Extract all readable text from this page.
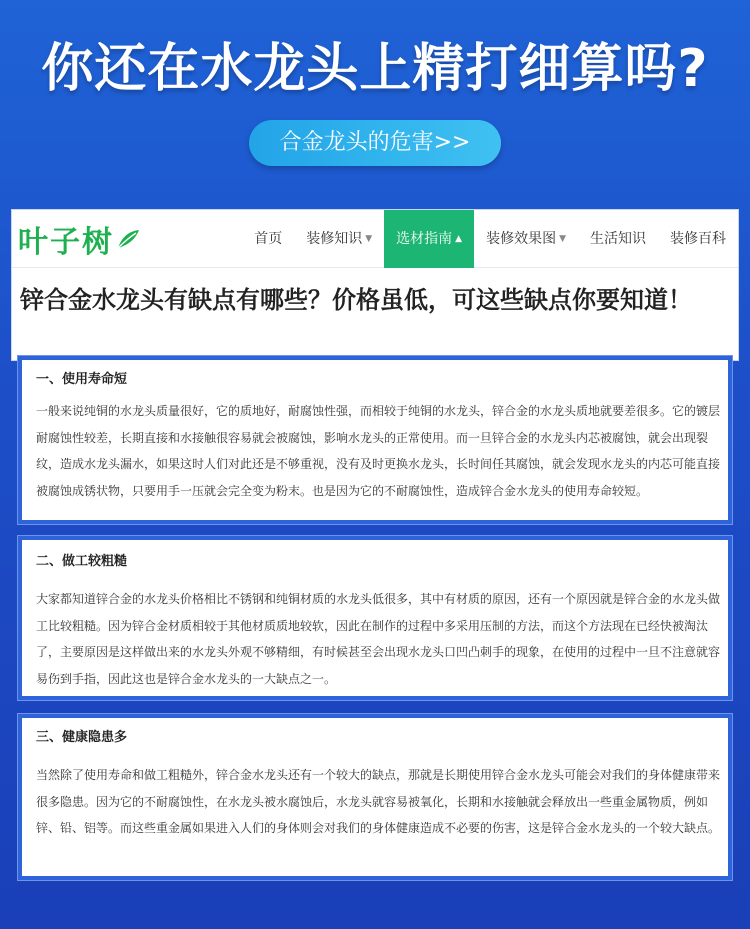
你还在水龙头上精打细算吗?
合金龙头的危害>>
叶子树	首页	装修知识 ▼	选材指南 ▲	装修效果图 ▼	生活知识	装修百科
锌合金水龙头有缺点有哪些？价格虽低，可这些缺点你要知道！
一、使用寿命短
一般来说纯铜的水龙头质量很好，它的质地好，耐腐蚀性强，而相较于纯铜的水龙头，锌合金的水龙头质地就要差很多。它的镀层耐腐蚀性较差，长期直接和水接触很容易就会被腐蚀，影响水龙头的正常使用。而一旦锌合金的水龙头内芯被腐蚀，就会出现裂纹，造成水龙头漏水，如果这时人们对此还是不够重视，没有及时更换水龙头，长时间任其腐蚀，就会发现水龙头的内芯可能直接被腐蚀成锈状物，只要用手一压就会完全变为粉末。也是因为它的不耐腐蚀性，造成锌合金水龙头的使用寿命较短。
二、做工较粗糙
大家都知道锌合金的水龙头价格相比不锈钢和纯铜材质的水龙头低很多，其中有材质的原因，还有一个原因就是锌合金的水龙头做工比较粗糙。因为锌合金材质相较于其他材质质地较软，因此在制作的过程中多采用压制的方法，而这个方法现在已经快被淘汰了，主要原因是这样做出来的水龙头外观不够精细，有时候甚至会出现水龙头口凹凸刺手的现象，在使用的过程中一旦不注意就容易伤到手指，因此这也是锌合金水龙头的一大缺点之一。
三、健康隐患多
当然除了使用寿命和做工粗糙外，锌合金水龙头还有一个较大的缺点，那就是长期使用锌合金水龙头可能会对我们的身体健康带来很多隐患。因为它的不耐腐蚀性，在水龙头被水腐蚀后，水龙头就容易被氧化，长期和水接触就会释放出一些重金属物质，例如锌、铅、铝等。而这些重金属如果进入人们的身体则会对我们的身体健康造成不必要的伤害，这是锌合金水龙头的一个较大缺点。
